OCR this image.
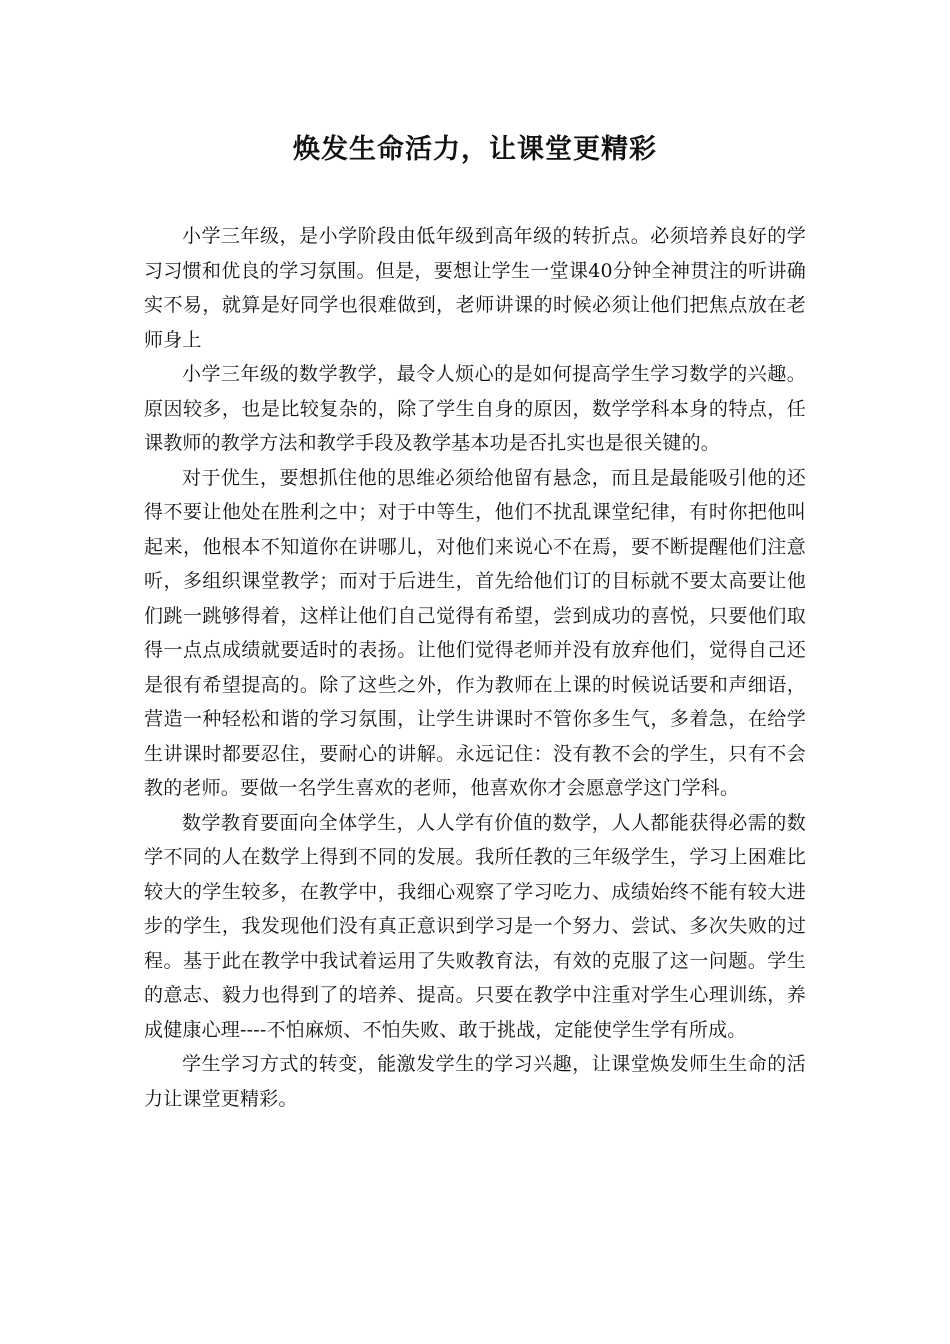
焕发生命活力，让课堂更精彩

小学三年级，是小学阶段由低年级到高年级的转折点。必须培养良好的学习习惯和优良的学习氛围。但是，要想让学生一堂课40分钟全神贯注的听讲确实不易，就算是好同学也很难做到，老师讲课的时候必须让他们把焦点放在老师身上

小学三年级的数学教学，最令人烦心的是如何提高学生学习数学的兴趣。原因较多，也是比较复杂的，除了学生自身的原因，数学学科本身的特点，任课教师的教学方法和教学手段及教学基本功是否扎实也是很关键的。

对于优生，要想抓住他的思维必须给他留有悬念，而且是最能吸引他的还得不要让他处在胜利之中；对于中等生，他们不扰乱课堂纪律，有时你把他叫起来，他根本不知道你在讲哪儿，对他们来说心不在焉，要不断提醒他们注意听，多组织课堂教学；而对于后进生，首先给他们订的目标就不要太高要让他们跳一跳够得着，这样让他们自己觉得有希望，尝到成功的喜悦，只要他们取得一点点成绩就要适时的表扬。让他们觉得老师并没有放弃他们，觉得自己还是很有希望提高的。除了这些之外，作为教师在上课的时候说话要和声细语，营造一种轻松和谐的学习氛围，让学生讲课时不管你多生气，多着急，在给学生讲课时都要忍住，要耐心的讲解。永远记住：没有教不会的学生，只有不会教的老师。要做一名学生喜欢的老师，他喜欢你才会愿意学这门学科。

数学教育要面向全体学生，人人学有价值的数学，人人都能获得必需的数学不同的人在数学上得到不同的发展。我所任教的三年级学生，学习上困难比较大的学生较多，在教学中，我细心观察了学习吃力、成绩始终不能有较大进步的学生，我发现他们没有真正意识到学习是一个努力、尝试、多次失败的过程。基于此在教学中我试着运用了失败教育法，有效的克服了这一问题。学生的意志、毅力也得到了的培养、提高。只要在教学中注重对学生心理训练，养成健康心理----不怕麻烦、不怕失败、敢于挑战，定能使学生学有所成。

学生学习方式的转变，能激发学生的学习兴趣，让课堂焕发师生生命的活力让课堂更精彩。
